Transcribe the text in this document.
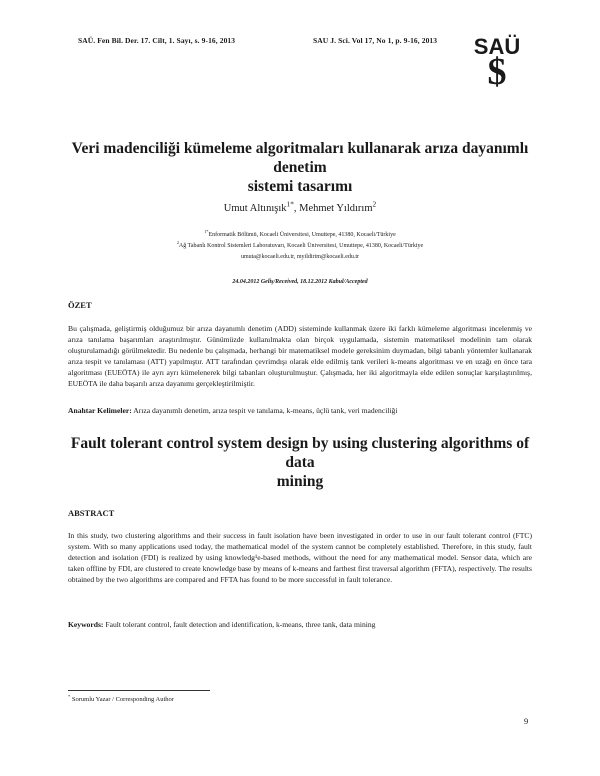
SAÜ. Fen Bil. Der. 17. Cilt, 1. Sayı, s. 9-16, 2013	SAU J. Sci. Vol 17, No 1, p. 9-16, 2013 SAÜ
$
Veri madenciliği kümeleme algoritmaları kullanarak arıza dayanımlı denetim
sistemi tasarımı
Umut Altınışık$^{1*}$, Mehmet Yıldırım$^2$
$^{1*}$Enformatik Bölümü, Kocaeli Üniversitesi, Umuttepe, 41380, Kocaeli/Türkiye
$^2$Ağ Tabanlı Kontrol Sistemleri Laboratuvarı, Kocaeli Üniversitesi, Umuttepe, 41380, Kocaeli/Türkiye
umuta@kocaeli.edu.tr, myildirim@kocaeli.edu.tr
24.04.2012 Geliş/Received, 18.12.2012 Kabul/Accepted
ÖZET
Bu çalışmada, geliştirmiş olduğumuz bir arıza dayanımlı denetim (ADD) sisteminde kullanmak üzere iki farklı kümeleme algoritması incelenmiş ve arıza tanılama başarımları araştırılmıştır. Günümüzde kullanılmakta olan birçok uygulamada, sistemin matematiksel modelinin tam olarak oluşturulamadığı görülmektedir. Bu nedenle bu çalışmada, herhangi bir matematiksel modele gereksinim duymadan, bilgi tabanlı yöntemler kullanarak arıza tespit ve tanılaması (ATT) yapılmıştır. ATT tarafından çevrimdışı olarak elde edilmiş tank verileri k-means algoritması ve en uzağı en önce tara algoritması (EUEÖTA) ile ayrı ayrı kümelenerek bilgi tabanları oluşturulmuştur. Çalışmada, her iki algoritmayla elde edilen sonuçlar karşılaştırılmış, EUEÖTA ile daha başarılı arıza dayanımı gerçekleştirilmiştir.
Anahtar Kelimeler: Arıza dayanımlı denetim, arıza tespit ve tanılama, k-means, üçlü tank, veri madenciliği
Fault tolerant control system design by using clustering algorithms of data
mining
ABSTRACT
In this study, two clustering algorithms and their success in fault isolation have been investigated in order to use in our fault tolerant control (FTC) system. With so many applications used today, the mathematical model of the system cannot be completely established. Therefore, in this study, fault detection and isolation (FDI) is realized by using knowledg¹e-based methods, without the need for any mathematical model. Sensor data, which are taken offline by FDI, are clustered to create knowledge base by means of k-means and farthest first traversal algorithm (FFTA), respectively. The results obtained by the two algorithms are compared and FFTA has found to be more successful in fault tolerance.
Keywords: Fault tolerant control, fault detection and identification, k-means, three tank, data mining
* Sorumlu Yazar / Corresponding Author
9
